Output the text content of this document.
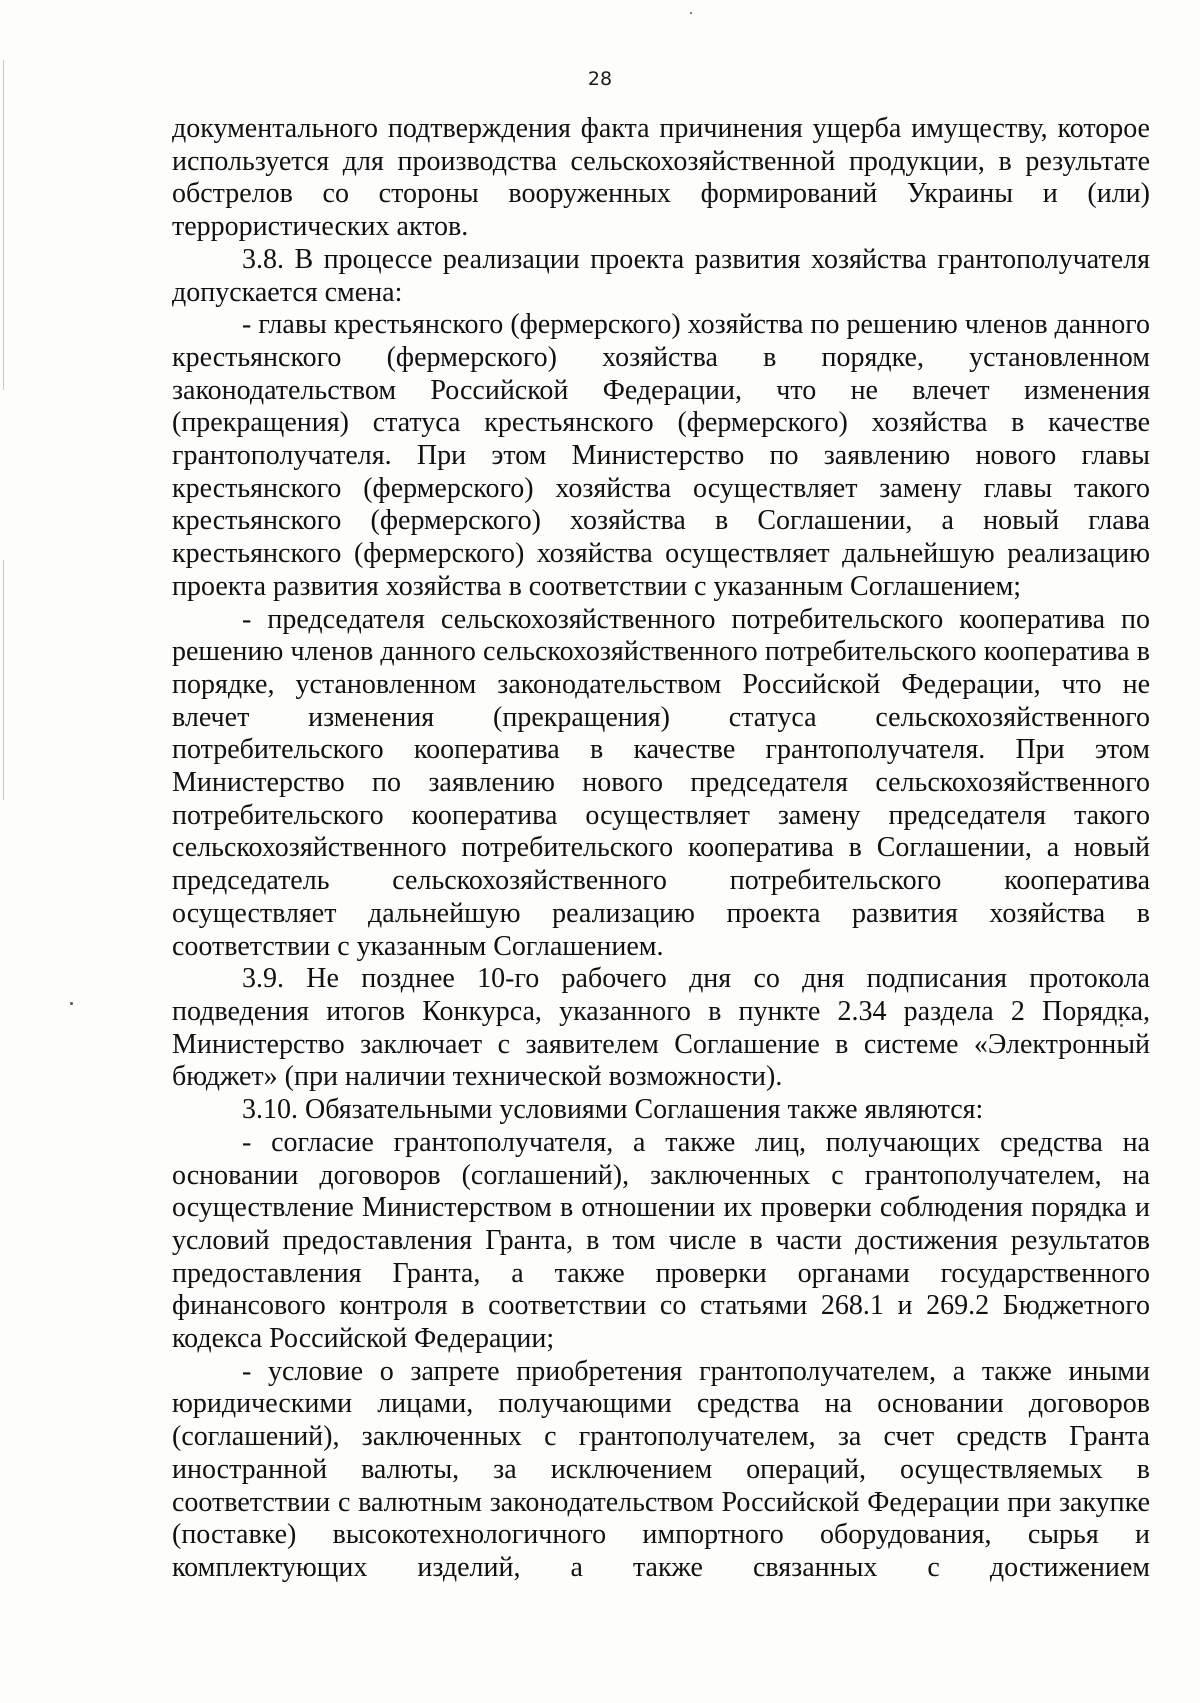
28

документального подтверждения факта причинения ущерба имуществу, которое используется для производства сельскохозяйственной продукции, в результате обстрелов со стороны вооруженных формирований Украины и (или) террористических актов.

3.8. В процессе реализации проекта развития хозяйства грантополучателя допускается смена:

- главы крестьянского (фермерского) хозяйства по решению членов данного крестьянского (фермерского) хозяйства в порядке, установленном законодательством Российской Федерации, что не влечет изменения (прекращения) статуса крестьянского (фермерского) хозяйства в качестве грантополучателя. При этом Министерство по заявлению нового главы крестьянского (фермерского) хозяйства осуществляет замену главы такого крестьянского (фермерского) хозяйства в Соглашении, а новый глава крестьянского (фермерского) хозяйства осуществляет дальнейшую реализацию проекта развития хозяйства в соответствии с указанным Соглашением;

- председателя сельскохозяйственного потребительского кооператива по решению членов данного сельскохозяйственного потребительского кооператива в порядке, установленном законодательством Российской Федерации, что не влечет изменения (прекращения) статуса сельскохозяйственного потребительского кооператива в качестве грантополучателя. При этом Министерство по заявлению нового председателя сельскохозяйственного потребительского кооператива осуществляет замену председателя такого сельскохозяйственного потребительского кооператива в Соглашении, а новый председатель сельскохозяйственного потребительского кооператива осуществляет дальнейшую реализацию проекта развития хозяйства в соответствии с указанным Соглашением.

3.9. Не позднее 10-го рабочего дня со дня подписания протокола подведения итогов Конкурса, указанного в пункте 2.34 раздела 2 Порядка, Министерство заключает с заявителем Соглашение в системе «Электронный бюджет» (при наличии технической возможности).

3.10. Обязательными условиями Соглашения также являются:

- согласие грантополучателя, а также лиц, получающих средства на основании договоров (соглашений), заключенных с грантополучателем, на осуществление Министерством в отношении их проверки соблюдения порядка и условий предоставления Гранта, в том числе в части достижения результатов предоставления Гранта, а также проверки органами государственного финансового контроля в соответствии со статьями 268.1 и 269.2 Бюджетного кодекса Российской Федерации;

- условие о запрете приобретения грантополучателем, а также иными юридическими лицами, получающими средства на основании договоров (соглашений), заключенных с грантополучателем, за счет средств Гранта иностранной валюты, за исключением операций, осуществляемых в соответствии с валютным законодательством Российской Федерации при закупке (поставке) высокотехнологичного импортного оборудования, сырья и комплектующих изделий, а также связанных с достижением
